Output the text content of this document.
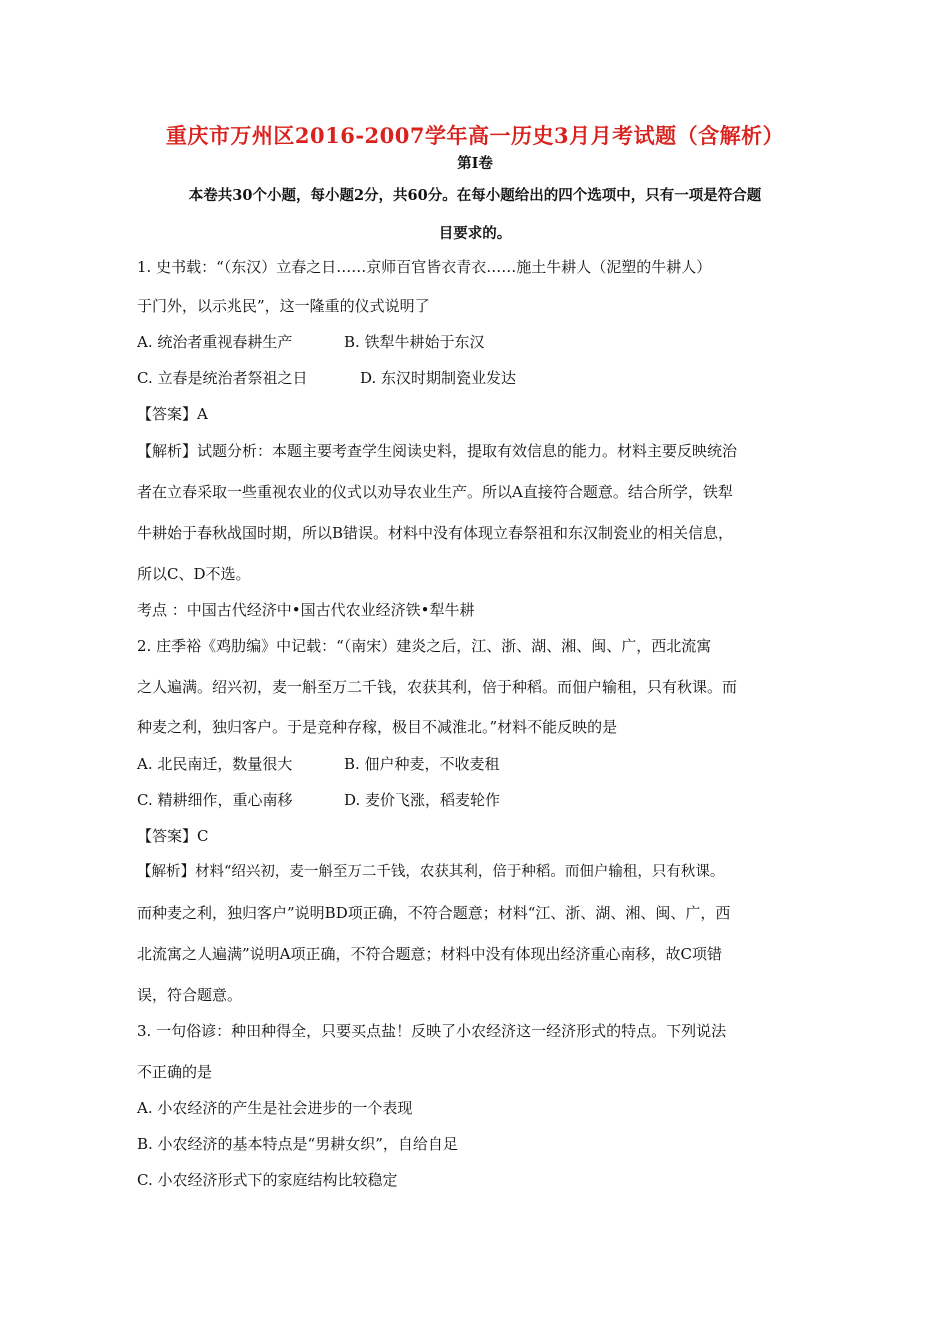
重庆市万州区2016-2007学年高一历史3月月考试题（含解析）
第Ⅰ卷
本卷共30个小题，每小题2分，共60分。在每小题给出的四个选项中，只有一项是符合题
目要求的。
1. 史书载：“（东汉）立春之日……京师百官皆衣青衣……施土牛耕人（泥塑的牛耕人）
于门外，以示兆民”，这一隆重的仪式说明了
A. 统治者重视春耕生产	B. 铁犁牛耕始于东汉
C. 立春是统治者祭祖之日	D. 东汉时期制瓷业发达
【答案】A
【解析】试题分析：本题主要考查学生阅读史料，提取有效信息的能力。材料主要反映统治
者在立春采取一些重视农业的仪式以劝导农业生产。所以A直接符合题意。结合所学，铁犁
牛耕始于春秋战国时期，所以B错误。材料中没有体现立春祭祖和东汉制瓷业的相关信息，
所以C、D不选。
考点 ：中国古代经济中•国古代农业经济铁•犁牛耕
2. 庄季裕《鸡肋编》中记载：“（南宋）建炎之后，江、浙、湖、湘、闽、广，西北流寓
之人遍满。绍兴初，麦一斛至万二千钱，农获其利，倍于种稻。而佃户输租，只有秋课。而
种麦之利，独归客户。于是竞种存稼，极目不减淮北。”材料不能反映的是
A. 北民南迁，数量很大	B. 佃户种麦，不收麦租
C. 精耕细作，重心南移	D. 麦价飞涨，稻麦轮作
【答案】C
【解析】材料“绍兴初，麦一斛至万二千钱，农获其利，倍于种稻。而佃户输租，只有秋课。
而种麦之利，独归客户”说明BD项正确，不符合题意；材料“江、浙、湖、湘、闽、广，西
北流寓之人遍满”说明A项正确，不符合题意；材料中没有体现出经济重心南移，故C项错
误，符合题意。
3. 一句俗谚：种田种得全，只要买点盐！反映了小农经济这一经济形式的特点。下列说法
不正确的是
A. 小农经济的产生是社会进步的一个表现
B. 小农经济的基本特点是“男耕女织”，自给自足
C. 小农经济形式下的家庭结构比较稳定
